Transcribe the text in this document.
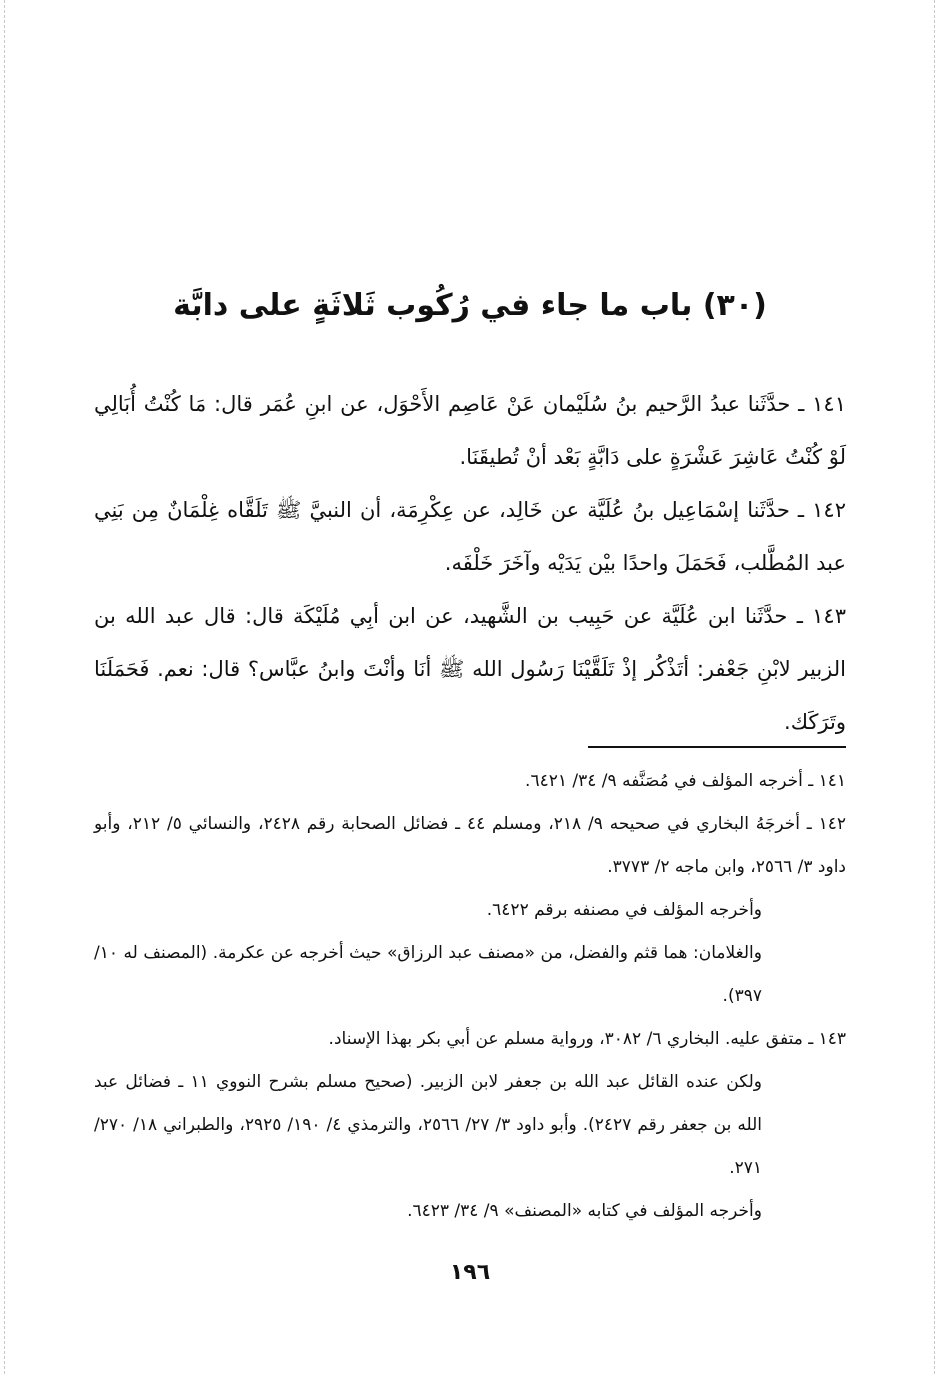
(٣٠) باب ما جاء في رُكُوب ثَلاثَةٍ على دابَّة

١٤١ ـ حدَّثَنا عبدُ الرَّحيم بنُ سُلَيْمان عَنْ عَاصِم الأَحْوَل، عن ابنِ عُمَر قال: مَا كُنْتُ أُبَالِي لَوْ كُنْتُ عَاشِرَ عَشْرَةٍ على دَابَّةٍ بَعْد أنْ تُطيقَنَا.

١٤٢ ـ حدَّثَنا إسْمَاعِيل بنُ عُلَيَّة عن خَالِد، عن عِكْرِمَة، أن النبيَّ ﷺ تَلَقَّاه غِلْمَانٌ مِن بَنِي عبد المُطَّلب، فَحَمَلَ واحدًا بيْن يَدَيْه وآخَرَ خَلْفَه.

١٤٣ ـ حدَّثَنا ابن عُلَيَّة عن حَبِيب بن الشَّهيد، عن ابن أبِي مُلَيْكَة قال: قال عبد الله بن الزبير لابْنِ جَعْفر: أتَذْكُر إذْ تَلَقَّيْنَا رَسُول الله ﷺ أنَا وأنْتَ وابنُ عبَّاس؟ قال: نعم. فَحَمَلَنَا وتَرَكَك.

١٤١ ـ أخرجه المؤلف في مُصَنَّفه ٩/ ٣٤/ ٦٤٢١.

١٤٢ ـ أخرجَهُ البخاري في صحيحه ٩/ ٢١٨، ومسلم ٤٤ ـ فضائل الصحابة رقم ٢٤٢٨، والنسائي ٥/ ٢١٢، وأبو داود ٣/ ٢٥٦٦، وابن ماجه ٢/ ٣٧٧٣.

وأخرجه المؤلف في مصنفه برقم ٦٤٢٢.

والغلامان: هما قثم والفضل، من «مصنف عبد الرزاق» حيث أخرجه عن عكرمة. (المصنف له ١٠/ ٣٩٧).

١٤٣ ـ متفق عليه. البخاري ٦/ ٣٠٨٢، ورواية مسلم عن أبي بكر بهذا الإسناد.

ولكن عنده القائل عبد الله بن جعفر لابن الزبير. (صحيح مسلم بشرح النووي ١١ ـ فضائل عبد الله بن جعفر رقم ٢٤٢٧). وأبو داود ٣/ ٢٧/ ٢٥٦٦، والترمذي ٤/ ١٩٠/ ٢٩٢٥، والطبراني ١٨/ ٢٧٠/ ٢٧١.

وأخرجه المؤلف في كتابه «المصنف» ٩/ ٣٤/ ٦٤٢٣.

١٩٦
